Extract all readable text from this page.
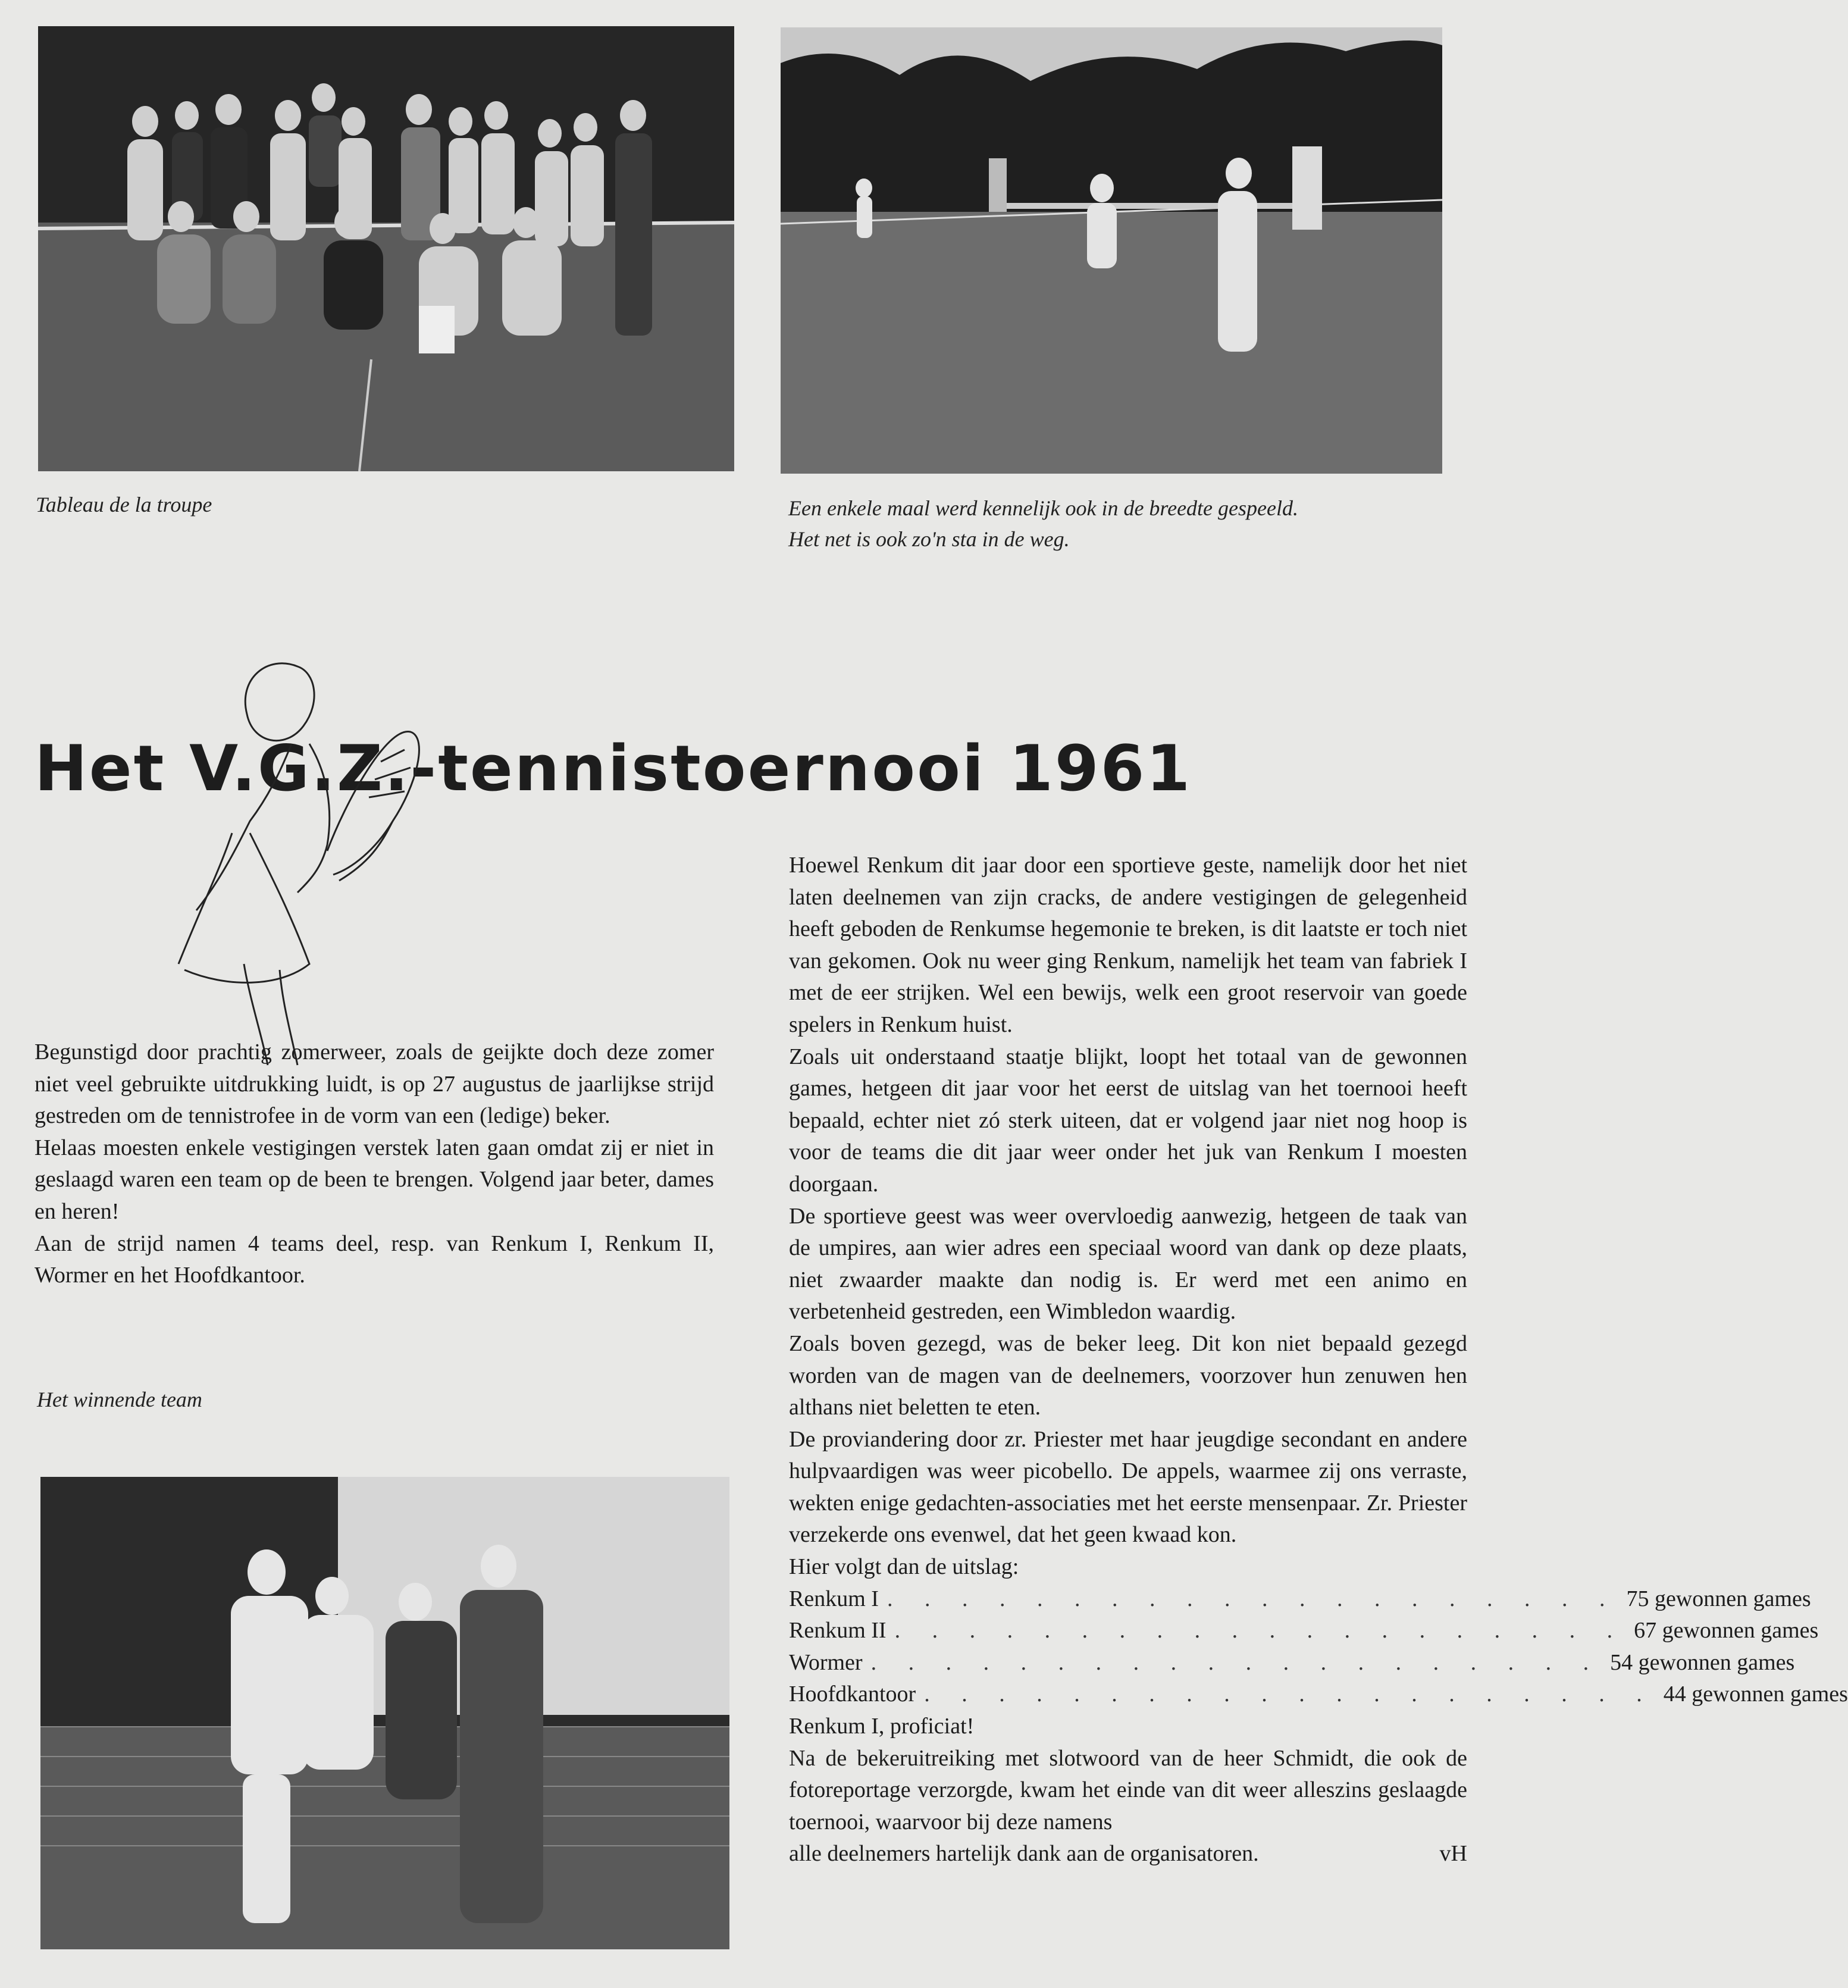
Tableau de la troupe	Een enkele maal werd kennelijk ook in de breedte gespeeld.
Het net is ook zo'n sta in de weg.
Het V.G.Z.-tennistoernooi 1961

Begunstigd door prachtig zomerweer, zoals de geijkte doch deze zomer niet veel gebruikte uitdrukking luidt, is op 27 augustus de jaarlijkse strijd gestreden om de tennistrofee in de vorm van een (ledige) beker.

Helaas moesten enkele vestigingen verstek laten gaan omdat zij er niet in geslaagd waren een team op de been te brengen. Volgend jaar beter, dames en heren!

Aan de strijd namen 4 teams deel, resp. van Renkum I, Renkum II, Wormer en het Hoofdkantoor.

Het winnende team

Hoewel Renkum dit jaar door een sportieve geste, namelijk door het niet laten deelnemen van zijn cracks, de andere vestigingen de gelegenheid heeft geboden de Renkumse hegemonie te breken, is dit laatste er toch niet van gekomen. Ook nu weer ging Renkum, namelijk het team van fabriek I met de eer strijken. Wel een bewijs, welk een groot reservoir van goede spelers in Renkum huist.

Zoals uit onderstaand staatje blijkt, loopt het totaal van de gewonnen games, hetgeen dit jaar voor het eerst de uitslag van het toernooi heeft bepaald, echter niet zó sterk uiteen, dat er volgend jaar niet nog hoop is voor de teams die dit jaar weer onder het juk van Renkum I moesten doorgaan.

De sportieve geest was weer overvloedig aanwezig, hetgeen de taak van de umpires, aan wier adres een speciaal woord van dank op deze plaats, niet zwaarder maakte dan nodig is. Er werd met een animo en verbetenheid gestreden, een Wimbledon waardig.

Zoals boven gezegd, was de beker leeg. Dit kon niet bepaald gezegd worden van de magen van de deelnemers, voorzover hun zenuwen hen althans niet beletten te eten.

De proviandering door zr. Priester met haar jeugdige secondant en andere hulpvaardigen was weer picobello. De appels, waarmee zij ons verraste, wekten enige gedachten-associaties met het eerste mensenpaar. Zr. Priester verzekerde ons evenwel, dat het geen kwaad kon.

Hier volgt dan de uitslag:

Renkum I . . . . . . . . . . . . . . . . . . . . 75 gewonnen games
Renkum II . . . . . . . . . . . . . . . . . . . . 67 gewonnen games
Wormer . . . . . . . . . . . . . . . . . . . . 54 gewonnen games
Hoofdkantoor . . . . . . . . . . . . . . . . . . . . 44 gewonnen games

Renkum I, proficiat!

Na de bekeruitreiking met slotwoord van de heer Schmidt, die ook de fotoreportage verzorgde, kwam het einde van dit weer alleszins geslaagde toernooi, waarvoor bij deze namens

alle deelnemers hartelijk dank aan de organisatoren.	vH
